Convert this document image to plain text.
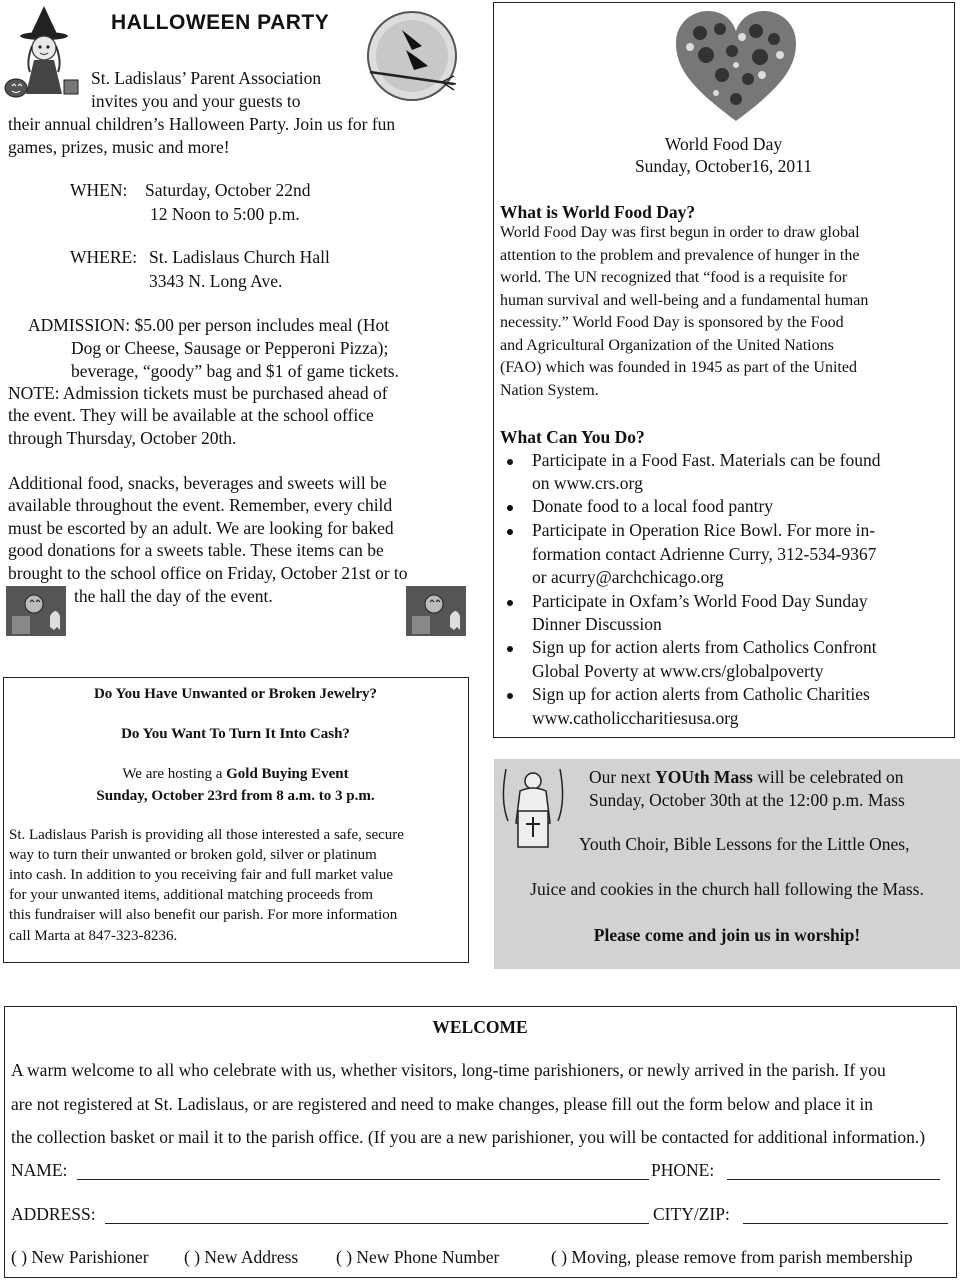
HALLOWEEN PARTY
St. Ladislaus’ Parent Association
invites you and your guests to
their annual children’s Halloween Party. Join us for fun
games, prizes, music and more!
WHEN: Saturday, October 22nd
12 Noon to 5:00 p.m.
WHERE: St. Ladislaus Church Hall
3343 N. Long Ave.
ADMISSION: $5.00 per person includes meal (Hot
Dog or Cheese, Sausage or Pepperoni Pizza);
beverage, “goody” bag and $1 of game tickets.
NOTE: Admission tickets must be purchased ahead of
the event. They will be available at the school office
through Thursday, October 20th.
Additional food, snacks, beverages and sweets will be
available throughout the event. Remember, every child
must be escorted by an adult. We are looking for baked
good donations for a sweets table. These items can be
brought to the school office on Friday, October 21st or to
the hall the day of the event.
Do You Have Unwanted or Broken Jewelry?
Do You Want To Turn It Into Cash?
We are hosting a Gold Buying Event
Sunday, October 23rd from 8 a.m. to 3 p.m.
St. Ladislaus Parish is providing all those interested a safe, secure
way to turn their unwanted or broken gold, silver or platinum
into cash. In addition to you receiving fair and full market value
for your unwanted items, additional matching proceeds from
this fundraiser will also benefit our parish. For more information
call Marta at 847-323-8236.
World Food Day
Sunday, October16, 2011
What is World Food Day?
World Food Day was first begun in order to draw global
attention to the problem and prevalence of hunger in the
world. The UN recognized that “food is a requisite for
human survival and well-being and a fundamental human
necessity.” World Food Day is sponsored by the Food
and Agricultural Organization of the United Nations
(FAO) which was founded in 1945 as part of the United
Nation System.
What Can You Do?
Participate in a Food Fast. Materials can be found
on www.crs.org
Donate food to a local food pantry
Participate in Operation Rice Bowl. For more in-
formation contact Adrienne Curry, 312-534-9367
or acurry@archchicago.org
Participate in Oxfam’s World Food Day Sunday
Dinner Discussion
Sign up for action alerts from Catholics Confront
Global Poverty at www.crs/globalpoverty
Sign up for action alerts from Catholic Charities
www.catholiccharitiesusa.org
Our next YOUth Mass will be celebrated on
Sunday, October 30th at the 12:00 p.m. Mass
Youth Choir, Bible Lessons for the Little Ones,
Juice and cookies in the church hall following the Mass.
Please come and join us in worship!
WELCOME
A warm welcome to all who celebrate with us, whether visitors, long-time parishioners, or newly arrived in the parish. If you
are not registered at St. Ladislaus, or are registered and need to make changes, please fill out the form below and place it in
the collection basket or mail it to the parish office. (If you are a new parishioner, you will be contacted for additional information.)
NAME:	PHONE:
ADDRESS:	CITY/ZIP:
( ) New Parishioner ( ) New Address ( ) New Phone Number	( ) Moving, please remove from parish membership
